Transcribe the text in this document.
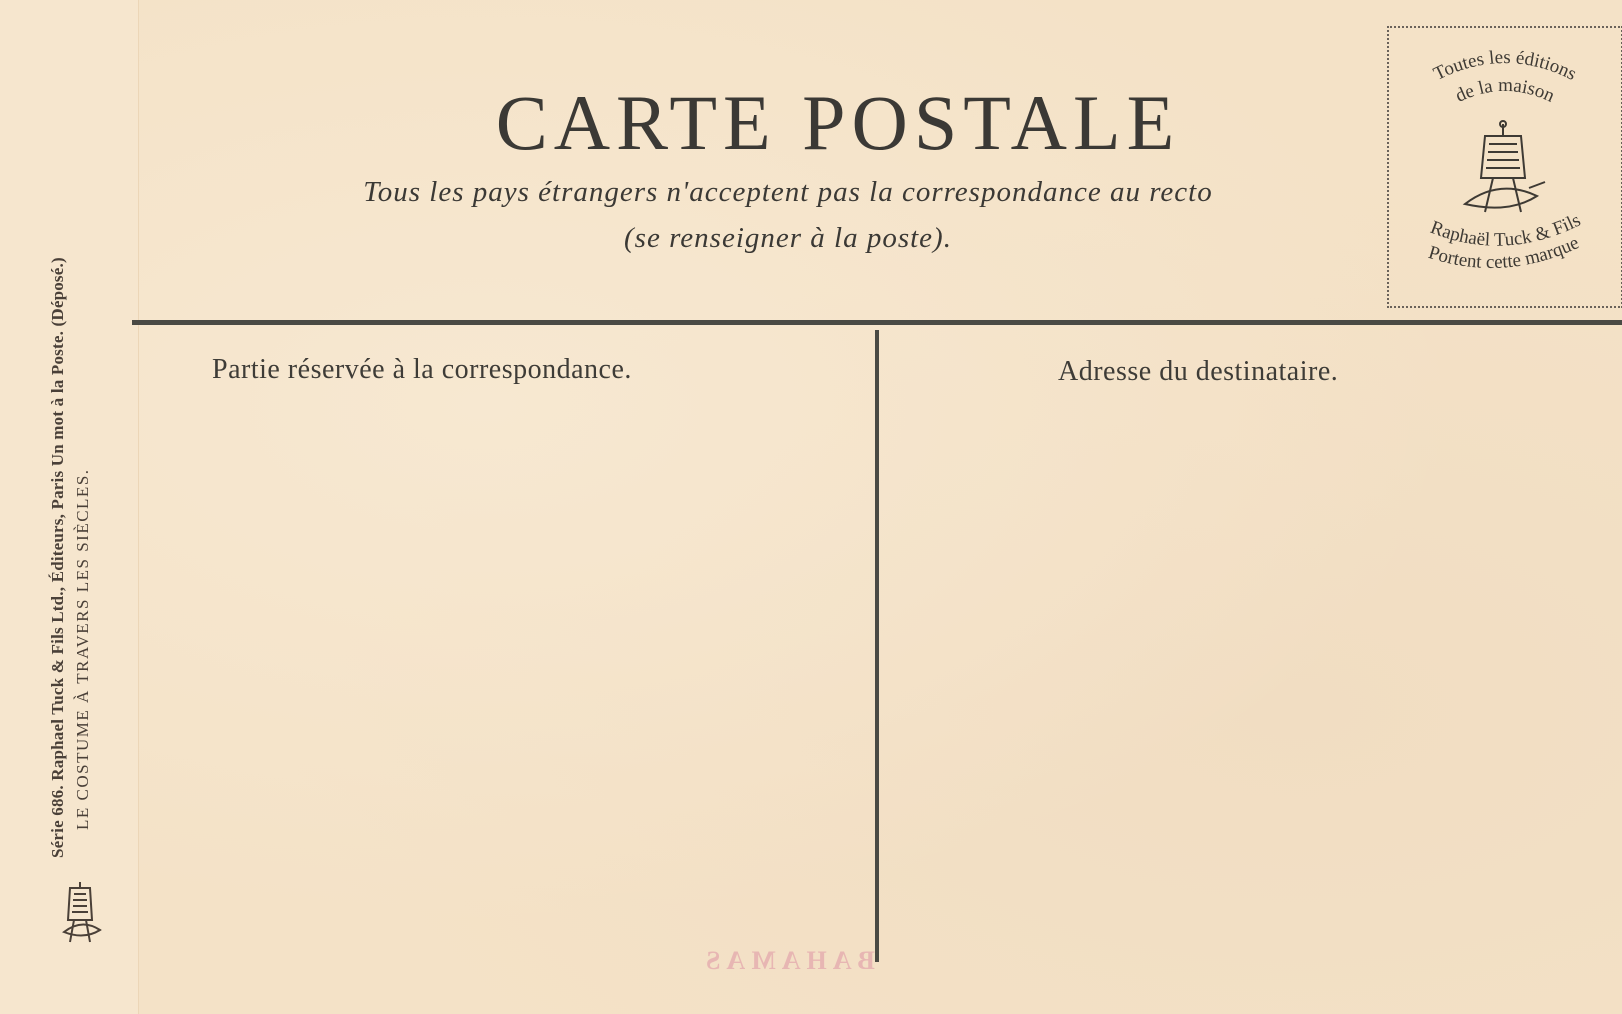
Série 686. Raphael Tuck & Fils Ltd., Éditeurs, Paris Un mot à la Poste. (Déposé.) LE COSTUME À TRAVERS LES SIÈCLES.
CARTE POSTALE
Tous les pays étrangers n'acceptent pas la correspondance au recto
(se renseigner à la poste).
Toutes les éditions
de la maison
Raphaël Tuck & Fils
Portent cette marque
Partie réservée à la correspondance.	Adresse du destinataire.
BAHAMAS
